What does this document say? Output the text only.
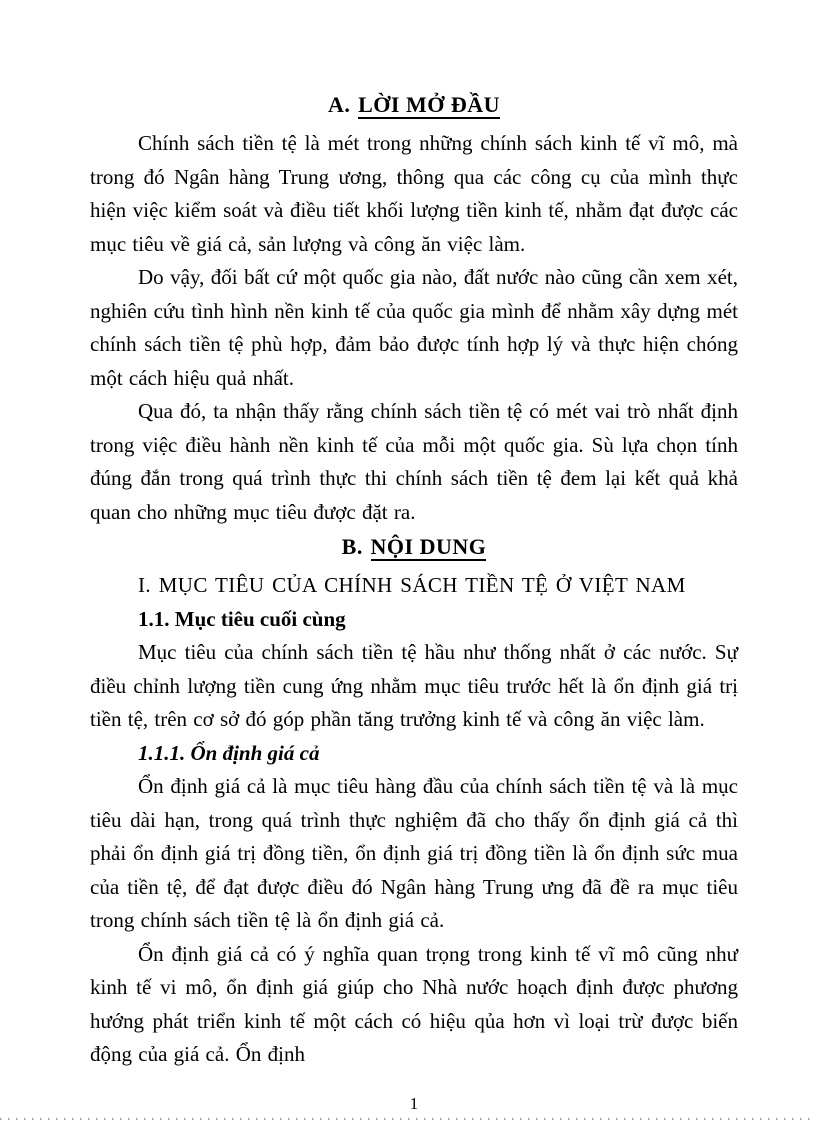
A. LỜI MỞ ĐẦU

Chính sách tiền tệ là mét trong những chính sách kinh tế vĩ mô, mà trong đó Ngân hàng Trung ương, thông qua các công cụ của mình thực hiện việc kiểm soát và điều tiết khối lượng tiền kinh tế, nhằm đạt được các mục tiêu về giá cả, sản lượng và công ăn việc làm.

Do vậy, đối bất cứ một quốc gia nào, đất nước nào cũng cần xem xét, nghiên cứu tình hình nền kinh tế của quốc gia mình để nhằm xây dựng mét chính sách tiền tệ phù hợp, đảm bảo được tính hợp lý và thực hiện chóng một cách hiệu quả nhất.

Qua đó, ta nhận thấy rằng chính sách tiền tệ có mét vai trò nhất định trong việc điều hành nền kinh tế của mỗi một quốc gia. Sù lựa chọn tính đúng đắn trong quá trình thực thi chính sách tiền tệ đem lại kết quả khả quan cho những mục tiêu được đặt ra.

B. NỘI DUNG
I. MỤC TIÊU CỦA CHÍNH SÁCH TIỀN TỆ Ở VIỆT NAM
1.1. Mục tiêu cuối cùng

Mục tiêu của chính sách tiền tệ hầu như thống nhất ở các nước. Sự điều chỉnh lượng tiền cung ứng nhằm mục tiêu trước hết là ổn định giá trị tiền tệ, trên cơ sở đó góp phần tăng trưởng kinh tế và công ăn việc làm.

1.1.1. Ổn định giá cả

Ổn định giá cả là mục tiêu hàng đầu của chính sách tiền tệ và là mục tiêu dài hạn, trong quá trình thực nghiệm đã cho thấy ổn định giá cả thì phải ổn định giá trị đồng tiền, ổn định giá trị đồng tiền là ổn định sức mua của tiền tệ, để đạt được điều đó Ngân hàng Trung ưng đã đề ra mục tiêu trong chính sách tiền tệ là ổn định giá cả.

Ổn định giá cả có ý nghĩa quan trọng trong kinh tế vĩ mô cũng như kinh tế vi mô, ổn định giá giúp cho Nhà nước hoạch định được phương hướng phát triển kinh tế một cách có hiệu qủa hơn vì loại trừ được biến động của giá cả. Ổn định

1
